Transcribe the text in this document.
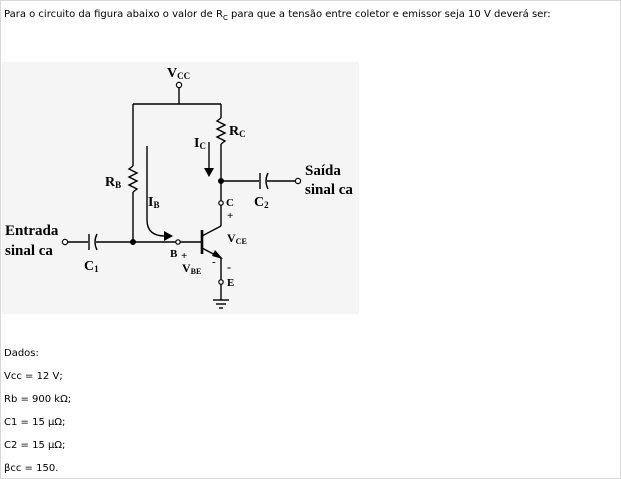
Para o circuito da figura abaixo o valor de $R_C$ para que a tensão entre coletor e emissor seja 10 V deverá ser:
VCC
RC
IC
RB
IB
Entrada
sinal ca
C1
Saída
sinal ca
C2
C
+
VCE
B +
VBE -
-
E
Dados:
Vcc = 12 V;
Rb = 900 kΩ;
C1 = 15 µΩ;
C2 = 15 µΩ;
βcc = 150.
